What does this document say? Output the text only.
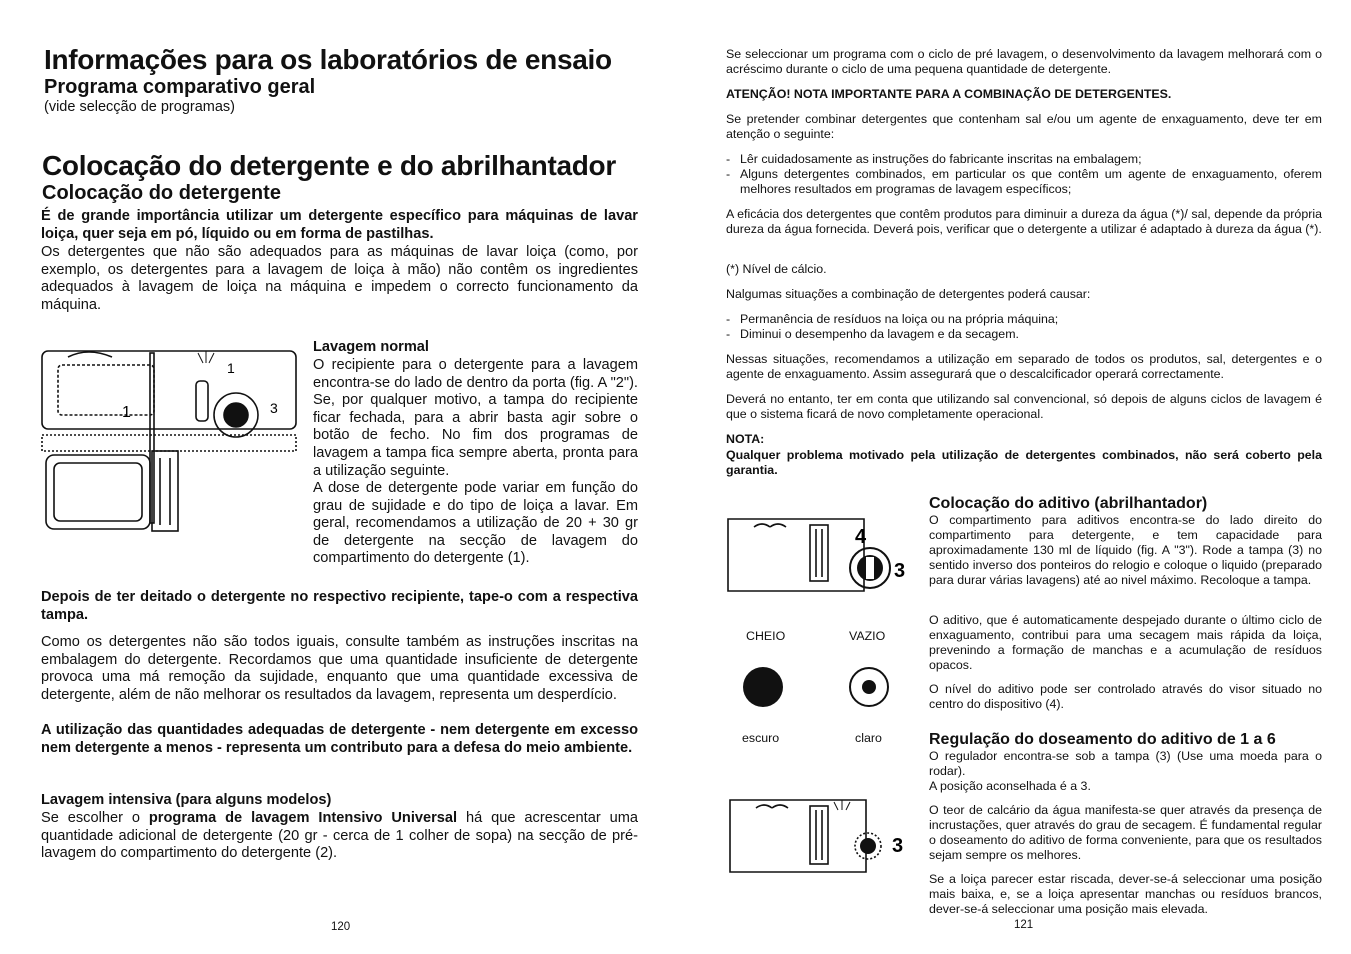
Informações para os laboratórios de ensaio
Programa comparativo geral
(vide selecção de programas)
Colocação do detergente e do abrilhantador
Colocação do detergente
É de grande importância utilizar um detergente específico para máquinas de lavar loiça, quer seja em pó, líquido ou em forma de pastilhas.
Os detergentes que não são adequados para as máquinas de lavar loiça (como, por exemplo, os detergentes para a lavagem de loiça à mão) não contêm os ingredientes adequados à lavagem de loiça na máquina e impedem o correcto funcionamento da máquina.
1
1
3
Lavagem normal
O recipiente para o detergente para a lavagem encontra-se do lado de dentro da porta (fig. A "2"). Se, por qualquer motivo, a tampa do recipiente ficar fechada, para a abrir basta agir sobre o botão de fecho. No fim dos programas de lavagem a tampa fica sempre aberta, pronta para a utilização seguinte.
A dose de detergente pode variar em função do grau de sujidade e do tipo de loiça a lavar. Em geral, recomendamos a utilização de 20 + 30 gr de detergente na secção de lavagem do compartimento do detergente (1).
Depois de ter deitado o detergente no respectivo recipiente, tape-o com a respectiva tampa.
Como os detergentes não são todos iguais, consulte também as instruções inscritas na embalagem do detergente. Recordamos que uma quantidade insuficiente de detergente provoca uma má remoção da sujidade, enquanto que uma quantidade excessiva de detergente, além de não melhorar os resultados da lavagem, representa um desperdício.
A utilização das quantidades adequadas de detergente - nem detergente em excesso nem detergente a menos - representa um contributo para a defesa do meio ambiente.
Lavagem intensiva (para alguns modelos)
Se escolher o programa de lavagem Intensivo Universal há que acrescentar uma quantidade adicional de detergente (20 gr - cerca de 1 colher de sopa) na secção de pré-lavagem do compartimento do detergente (2).
120
Se seleccionar um programa com o ciclo de pré lavagem, o desenvolvimento da lavagem melhorará com o acréscimo durante o ciclo de uma pequena quantidade de detergente.
ATENÇÃO! NOTA IMPORTANTE PARA A COMBINAÇÃO DE DETERGENTES.
Se pretender combinar detergentes que contenham sal e/ou um agente de enxaguamento, deve ter em atenção o seguinte:
- Lêr cuidadosamente as instruções do fabricante inscritas na embalagem;
- Alguns detergentes combinados, em particular os que contêm um agente de enxaguamento, oferem melhores resultados em programas de lavagem específicos;
A eficácia dos detergentes que contêm produtos para diminuir a dureza da água (*)/ sal, depende da própria dureza da água fornecida. Deverá pois, verificar que o detergente a utilizar é adaptado à dureza da água (*).
(*) Nível de cálcio.
Nalgumas situações a combinação de detergentes poderá causar:
- Permanência de resíduos na loiça ou na própria máquina;
- Diminui o desempenho da lavagem e da secagem.
Nessas situações, recomendamos a utilização em separado de todos os produtos, sal, detergentes e o agente de enxaguamento. Assim assegurará que o descalcificador operará correctamente.
Deverá no entanto, ter em conta que utilizando sal convencional, só depois de alguns ciclos de lavagem é que o sistema ficará de novo completamente operacional.
NOTA:
Qualquer problema motivado pela utilização de detergentes combinados, não será coberto pela garantia.
4
3
CHEIO	VAZIO
escuro	claro
3
Colocação do aditivo (abrilhantador)
O compartimento para aditivos encontra-se do lado direito do compartimento para detergente, e tem capacidade para aproximadamente 130 ml de líquido (fig. A "3"). Rode a tampa (3) no sentido inverso dos ponteiros do relogio e coloque o liquido (preparado para durar várias lavagens) até ao nivel máximo. Recoloque a tampa.
O aditivo, que é automaticamente despejado durante o último ciclo de enxaguamento, contribui para uma secagem mais rápida da loiça, prevenindo a formação de manchas e a acumulação de resíduos opacos.
O nível do aditivo pode ser controlado através do visor situado no centro do dispositivo (4).
Regulação do doseamento do aditivo de 1 a 6
O regulador encontra-se sob a tampa (3) (Use uma moeda para o rodar).
A posição aconselhada é a 3.
O teor de calcário da água manifesta-se quer através da presença de incrustações, quer através do grau de secagem. É fundamental regular o doseamento do aditivo de forma conveniente, para que os resultados sejam sempre os melhores.
Se a loiça parecer estar riscada, dever-se-á seleccionar uma posição mais baixa, e, se a loiça apresentar manchas ou resíduos brancos, dever-se-á seleccionar uma posição mais elevada.
121
